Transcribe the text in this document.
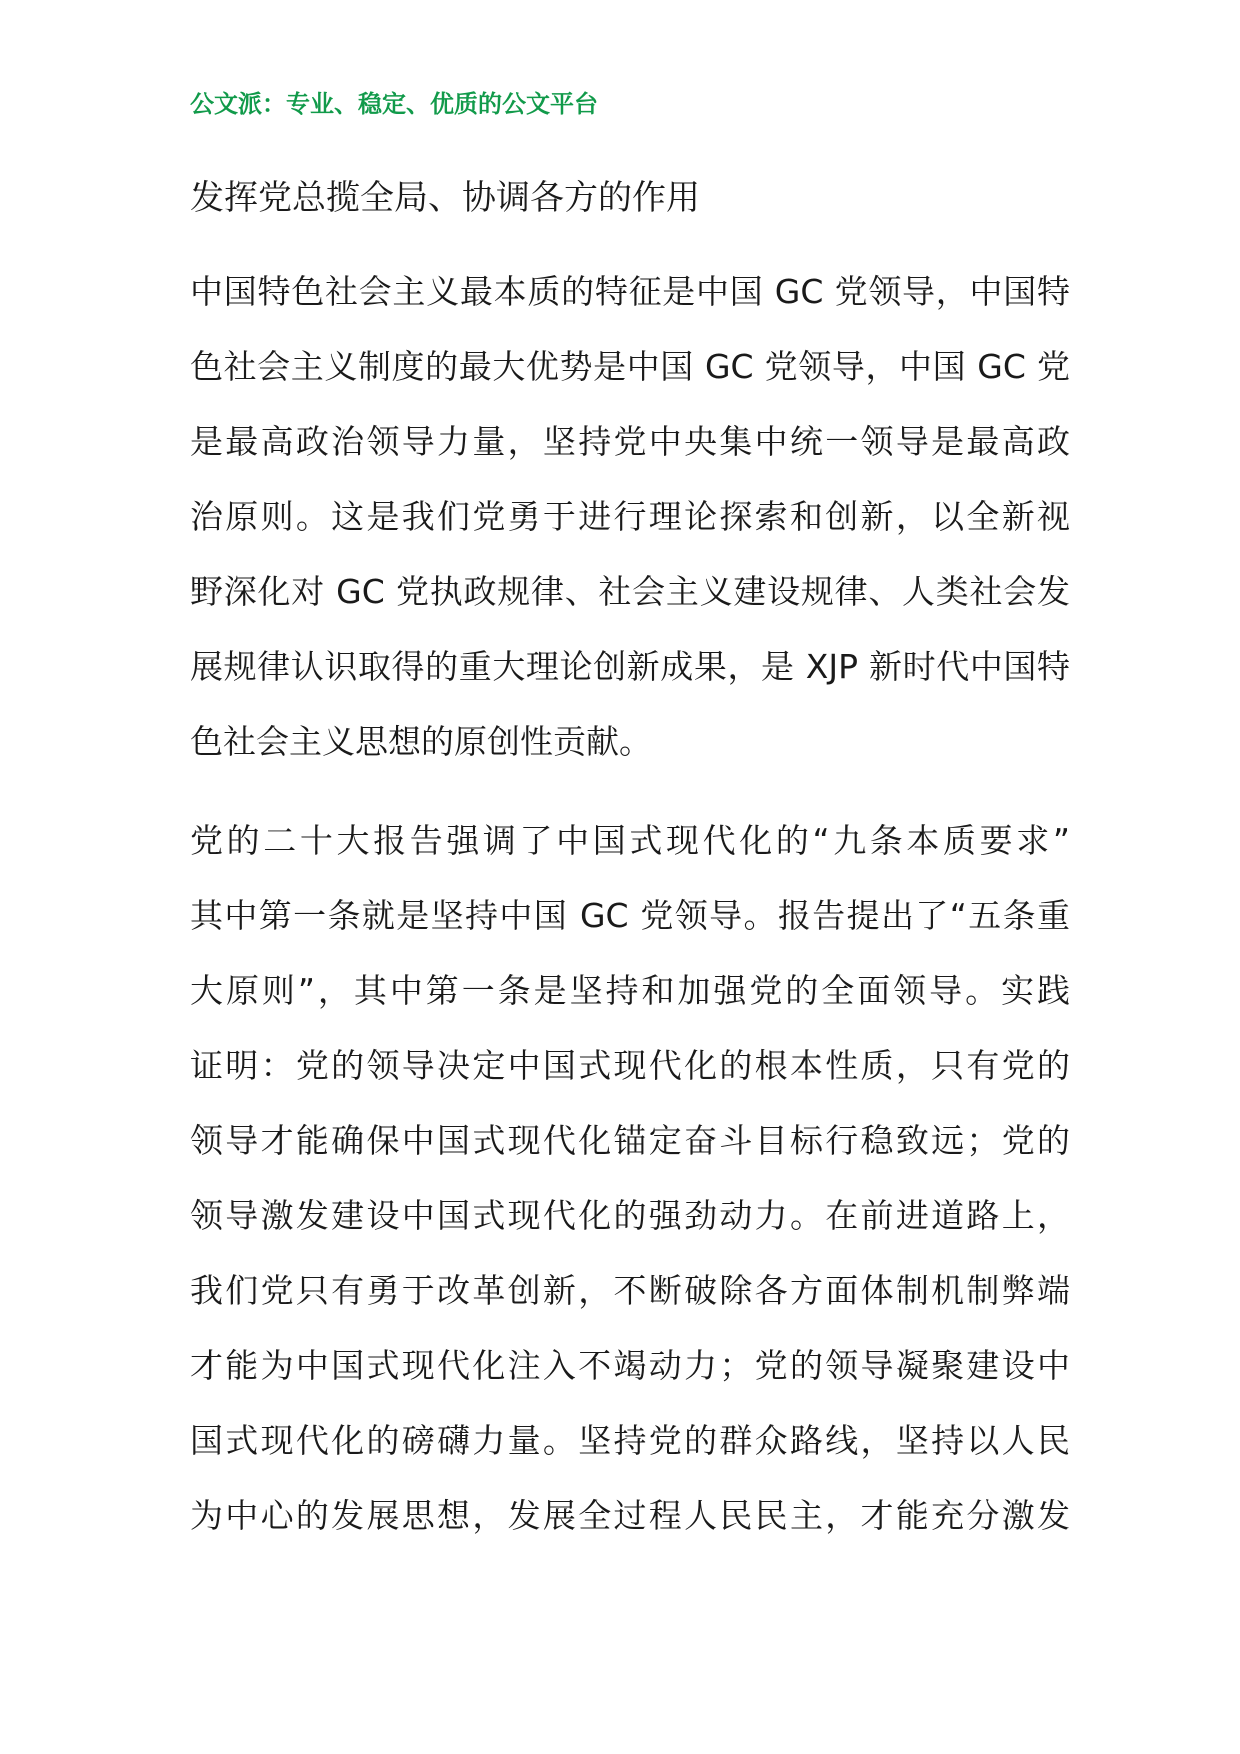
公文派：专业、稳定、优质的公文平台
发挥党总揽全局、协调各方的作用
中国特色社会主义最本质的特征是中国 GC 党领导，中国特
色社会主义制度的最大优势是中国 GC 党领导，中国 GC 党
是最高政治领导力量，坚持党中央集中统一领导是最高政
治原则。这是我们党勇于进行理论探索和创新，以全新视
野深化对 GC 党执政规律、社会主义建设规律、人类社会发
展规律认识取得的重大理论创新成果，是 XJP 新时代中国特
色社会主义思想的原创性贡献。
党的二十大报告强调了中国式现代化的“九条本质要求”
其中第一条就是坚持中国 GC 党领导。报告提出了“五条重
大原则”，其中第一条是坚持和加强党的全面领导。实践
证明：党的领导决定中国式现代化的根本性质，只有党的
领导才能确保中国式现代化锚定奋斗目标行稳致远；党的
领导激发建设中国式现代化的强劲动力。在前进道路上，
我们党只有勇于改革创新，不断破除各方面体制机制弊端
才能为中国式现代化注入不竭动力；党的领导凝聚建设中
国式现代化的磅礴力量。坚持党的群众路线，坚持以人民
为中心的发展思想，发展全过程人民民主，才能充分激发
